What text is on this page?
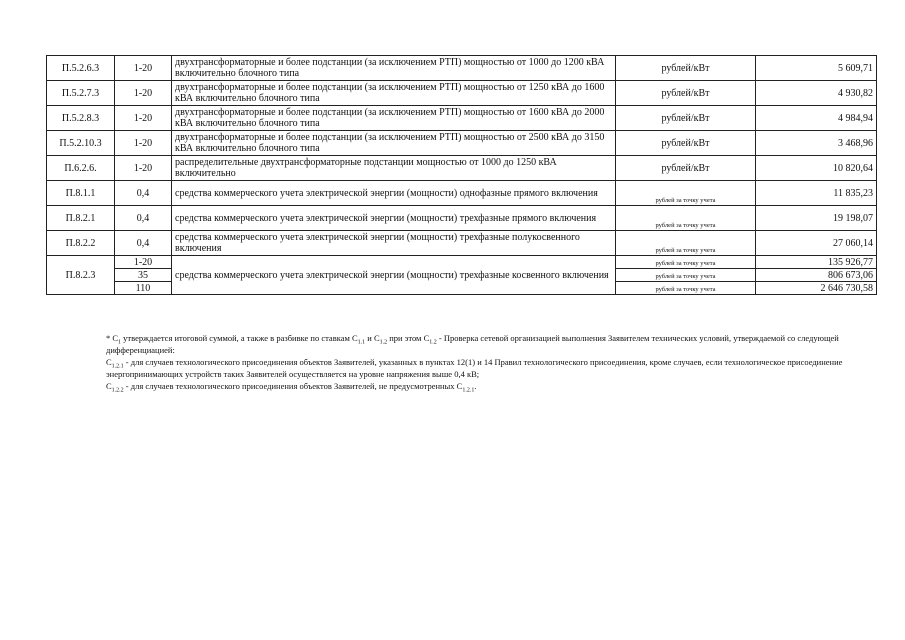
П.5.2.6.3	1-20	двухтрансформаторные и более подстанции (за исключением РТП) мощностью от 1000 до 1200 кВА включительно блочного типа	рублей/кВт	5 609,71
П.5.2.7.3	1-20	двухтрансформаторные и более подстанции (за исключением РТП) мощностью от 1250 кВА до 1600 кВА включительно блочного типа	рублей/кВт	4 930,82
П.5.2.8.3	1-20	двухтрансформаторные и более подстанции (за исключением РТП) мощностью от 1600 кВА до 2000 кВА включительно блочного типа	рублей/кВт	4 984,94
П.5.2.10.3	1-20	двухтрансформаторные и более подстанции (за исключением РТП) мощностью от 2500 кВА до 3150 кВА включительно блочного типа	рублей/кВт	3 468,96
П.6.2.6.	1-20	распределительные двухтрансформаторные подстанции мощностью от 1000 до 1250 кВА включительно	рублей/кВт	10 820,64
П.8.1.1	0,4	средства коммерческого учета электрической энергии (мощности) однофазные прямого включения	рублей за точку учета	11 835,23
П.8.2.1	0,4	средства коммерческого учета электрической энергии (мощности) трехфазные прямого включения	рублей за точку учета	19 198,07
П.8.2.2	0,4	средства коммерческого учета электрической энергии (мощности) трехфазные полукосвенного включения	рублей за точку учета	27 060,14
П.8.2.3	1-20	средства коммерческого учета электрической энергии (мощности) трехфазные косвенного включения	рублей за точку учета	135 926,77
	35		рублей за точку учета	806 673,06
	110		рублей за точку учета	2 646 730,58

* $С_1$ утверждается итоговой суммой, а также в разбивке по ставкам $С_{1.1}$ и $С_{1.2}$ при этом $С_{1.2}$ - Проверка сетевой организацией выполнения Заявителем технических условий, утверждаемой со следующей дифференциацией:

$С_{1.2.1}$ - для случаев технологического присоединения объектов Заявителей, указанных в пунктах 12(1) и 14 Правил технологического присоединения, кроме случаев, если технологическое присоединение энергопринимающих устройств таких Заявителей осуществляется на уровне напряжения выше 0,4 кВ;

$С_{1.2.2}$ - для случаев технологического присоединения объектов Заявителей, не предусмотренных $С_{1.2.1}$.
